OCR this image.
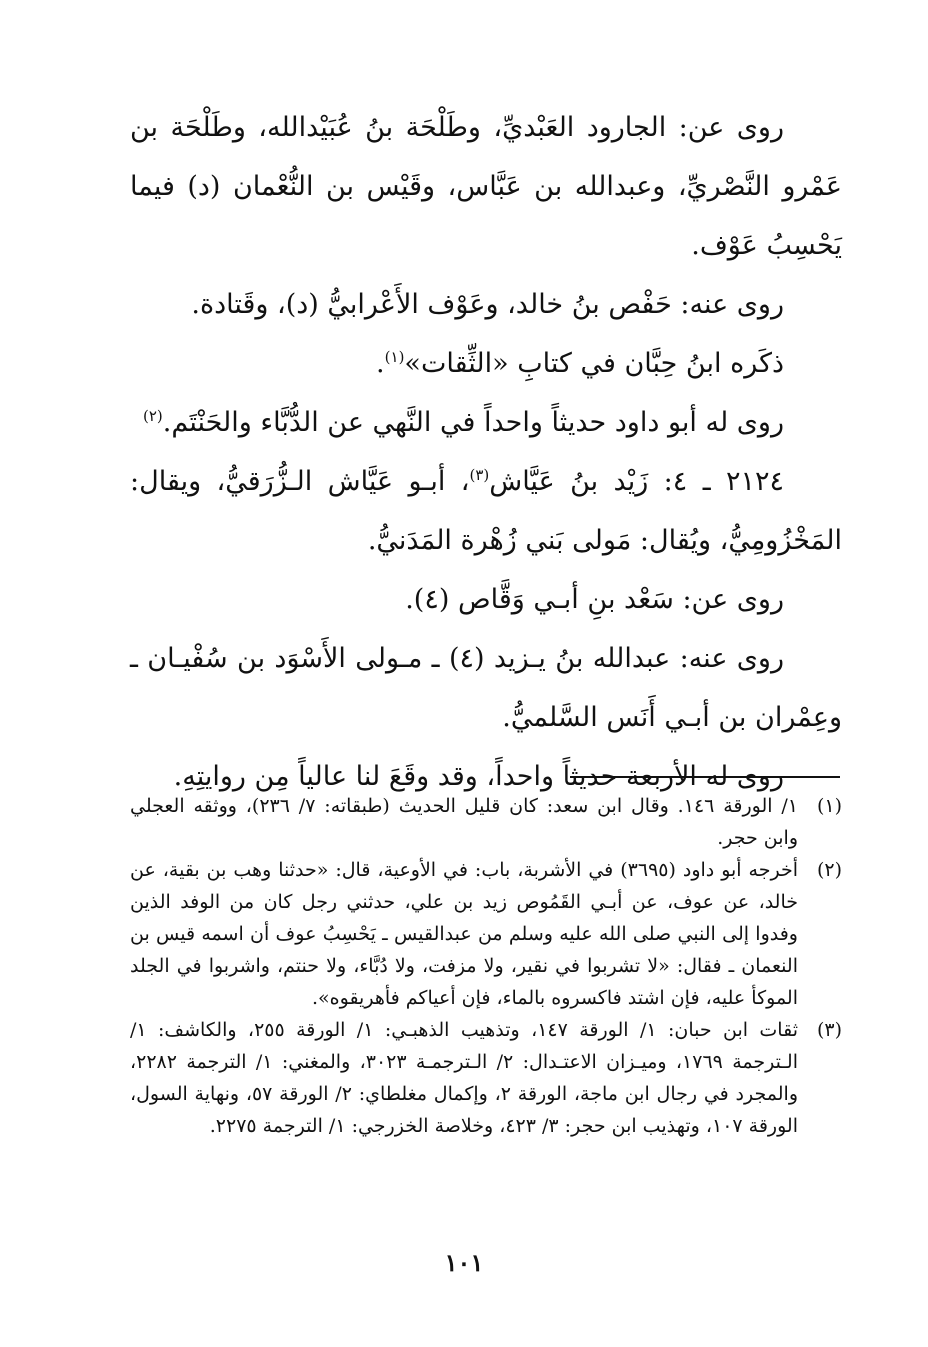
روى عن: الجارود العَبْديِّ، وطَلْحَة بنُ عُبَيْدالله، وطَلْحَة بن عَمْرو النَّصْريِّ، وعبدالله بن عَبَّاس، وقَيْس بن النُّعْمان (د) فيما يَحْسِبُ عَوْف.

روى عنه: حَفْص بنُ خالد، وعَوْف الأَعْرابيُّ (د)، وقَتادة.

ذكَره ابنُ حِبَّان في كتابِ «الثِّقات»$^{(١)}$.

روى له أبو داود حديثاً واحداً في النَّهي عن الدُّبَّاء والحَنْتَم.$^{(٢)}$

٢١٢٤ ـ ٤: زَيْد بنُ عَيَّاش$^{(٣)}$، أبـو عَيَّاش الـزُّرَقيُّ، ويقال: المَخْزُومِيُّ، ويُقال: مَولى بَني زُهْرة المَدَنيُّ.

روى عن: سَعْد بنِ أبـي وَقَّاص (٤).

روى عنه: عبدالله بنُ يـزيد (٤) ـ مـولى الأَسْوَد بن سُفْيـان ـ وعِمْران بن أبـي أَنَس السَّلميُّ.

روى له الأربعة حديثاً واحداً، وقد وقَعَ لنا عالياً مِن روايتِهِ.

(١)
١/ الورقة ١٤٦. وقال ابن سعد: كان قليل الحديث (طبقاته: ٧/ ٢٣٦)، ووثقه العجلي وابن حجر.
(٢)
أخرجه أبو داود (٣٦٩٥) في الأشربة، باب: في الأوعية، قال: «حدثنا وهب بن بقية، عن خالد، عن عوف، عن أبـي القَمُوص زيد بن علي، حدثني رجل كان من الوفد الذين وفدوا إلى النبي صلى الله عليه وسلم من عبدالقيس ـ يَحْسِبُ عوف أن اسمه قيس بن النعمان ـ فقال: «لا تشربوا في نقير، ولا مزفت، ولا دُبَّاء، ولا حنتم، واشربوا في الجلد الموكأ عليه، فإن اشتد فاكسروه بالماء، فإن أعياكم فأهريقوه».
(٣)
ثقات ابن حبان: ١/ الورقة ١٤٧، وتذهيب الذهبـي: ١/ الورقة ٢٥٥، والكاشف: ١/ الـترجمة ١٧٦٩، وميـزان الاعتـدال: ٢/ الـترجمـة ٣٠٢٣، والمغني: ١/ الترجمة ٢٢٨٢، والمجرد في رجال ابن ماجة، الورقة ٢، وإكمال مغلطاي: ٢/ الورقة ٥٧، ونهاية السول، الورقة ١٠٧، وتهذيب ابن حجر: ٣/ ٤٢٣، وخلاصة الخزرجي: ١/ الترجمة ٢٢٧٥.
١٠١
